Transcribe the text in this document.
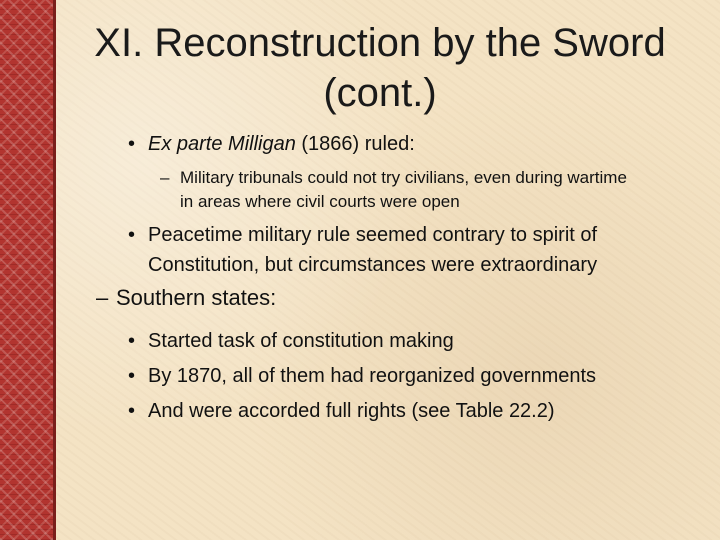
XI. Reconstruction by the Sword
(cont.)
• Ex parte Milligan (1866) ruled:
– Military tribunals could not try civilians, even during wartime
in areas where civil courts were open
• Peacetime military rule seemed contrary to spirit of
Constitution, but circumstances were extraordinary
– Southern states:
• Started task of constitution making
• By 1870, all of them had reorganized governments
• And were accorded full rights (see Table 22.2)
